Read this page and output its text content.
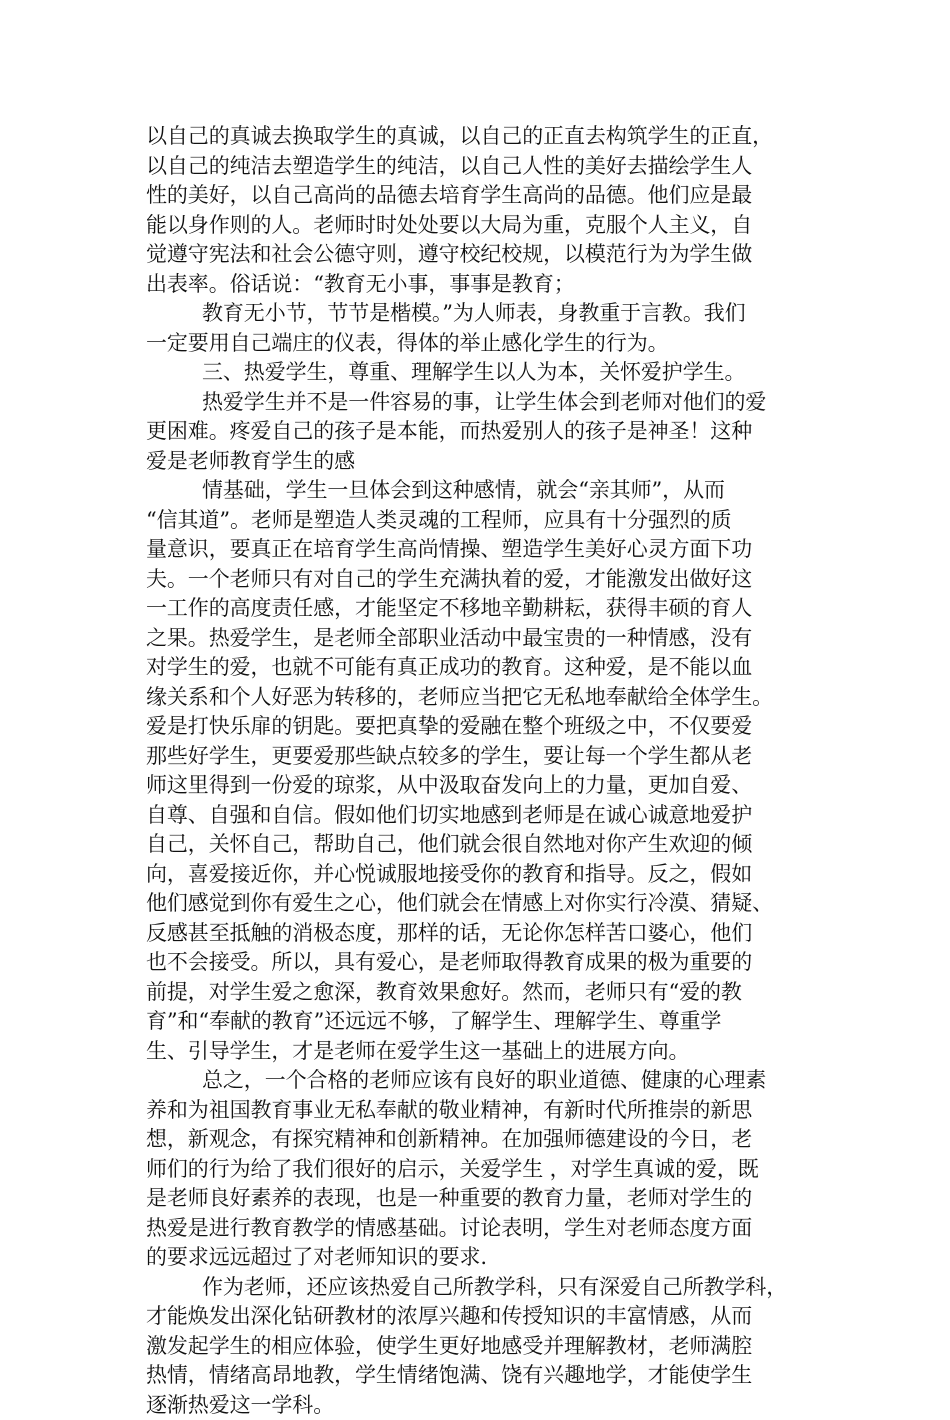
以自己的真诚去换取学生的真诚，以自己的正直去构筑学生的正直，
以自己的纯洁去塑造学生的纯洁，以自己人性的美好去描绘学生人
性的美好，以自己高尚的品德去培育学生高尚的品德。他们应是最
能以身作则的人。老师时时处处要以大局为重，克服个人主义，自
觉遵守宪法和社会公德守则，遵守校纪校规，以模范行为为学生做
出表率。俗话说：“教育无小事，事事是教育；
教育无小节，节节是楷模。”为人师表，身教重于言教。我们
一定要用自己端庄的仪表，得体的举止感化学生的行为。
三、热爱学生，尊重、理解学生以人为本，关怀爱护学生。
热爱学生并不是一件容易的事，让学生体会到老师对他们的爱
更困难。疼爱自己的孩子是本能，而热爱别人的孩子是神圣！这种
爱是老师教育学生的感
情基础，学生一旦体会到这种感情，就会“亲其师”，从而
“信其道”。老师是塑造人类灵魂的工程师，应具有十分强烈的质
量意识，要真正在培育学生高尚情操、塑造学生美好心灵方面下功
夫。一个老师只有对自己的学生充满执着的爱，才能激发出做好这
一工作的高度责任感，才能坚定不移地辛勤耕耘，获得丰硕的育人
之果。热爱学生，是老师全部职业活动中最宝贵的一种情感，没有
对学生的爱，也就不可能有真正成功的教育。这种爱，是不能以血
缘关系和个人好恶为转移的，老师应当把它无私地奉献给全体学生。
爱是打快乐扉的钥匙。要把真挚的爱融在整个班级之中，不仅要爱
那些好学生，更要爱那些缺点较多的学生，要让每一个学生都从老
师这里得到一份爱的琼浆，从中汲取奋发向上的力量，更加自爱、
自尊、自强和自信。假如他们切实地感到老师是在诚心诚意地爱护
自己，关怀自己，帮助自己，他们就会很自然地对你产生欢迎的倾
向，喜爱接近你，并心悦诚服地接受你的教育和指导。反之，假如
他们感觉到你有爱生之心，他们就会在情感上对你实行冷漠、猜疑、
反感甚至抵触的消极态度，那样的话，无论你怎样苦口婆心，他们
也不会接受。所以，具有爱心，是老师取得教育成果的极为重要的
前提，对学生爱之愈深，教育效果愈好。然而，老师只有“爱的教
育”和“奉献的教育”还远远不够，了解学生、理解学生、尊重学
生、引导学生，才是老师在爱学生这一基础上的进展方向。
总之，一个合格的老师应该有良好的职业道德、健康的心理素
养和为祖国教育事业无私奉献的敬业精神，有新时代所推崇的新思
想，新观念，有探究精神和创新精神。在加强师德建设的今日，老
师们的行为给了我们很好的启示，关爱学生 ，对学生真诚的爱，既
是老师良好素养的表现，也是一种重要的教育力量，老师对学生的
热爱是进行教育教学的情感基础。讨论表明，学生对老师态度方面
的要求远远超过了对老师知识的要求.
作为老师，还应该热爱自己所教学科，只有深爱自己所教学科，
才能焕发出深化钻研教材的浓厚兴趣和传授知识的丰富情感，从而
激发起学生的相应体验，使学生更好地感受并理解教材，老师满腔
热情，情绪高昂地教，学生情绪饱满、饶有兴趣地学，才能使学生
逐渐热爱这一学科。
